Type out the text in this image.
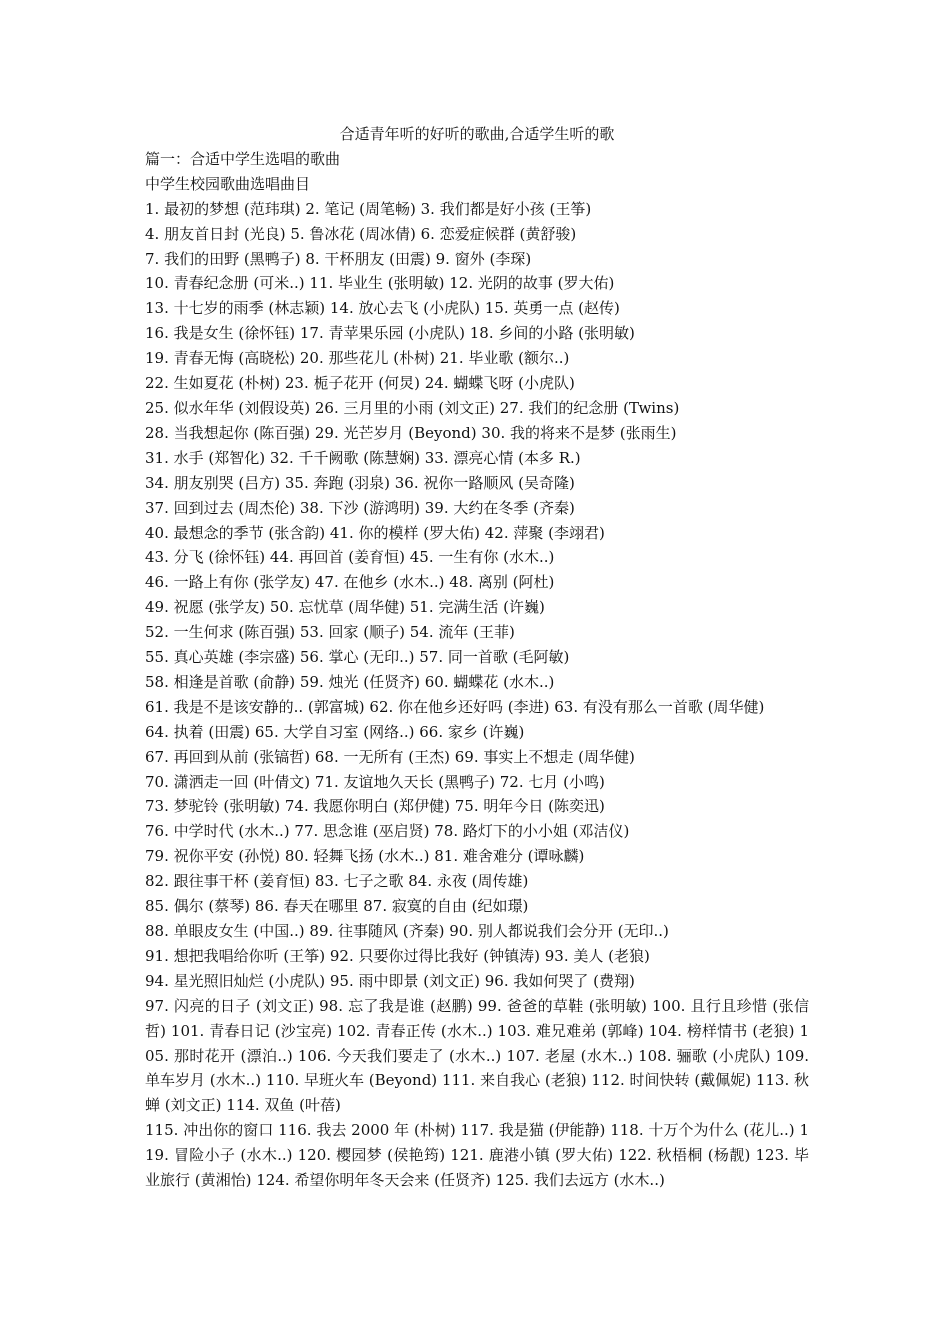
合适青年听的好听的歌曲,合适学生听的歌
篇一：合适中学生选唱的歌曲
中学生校园歌曲选唱曲目
1. 最初的梦想 (范玮琪) 2. 笔记 (周笔畅) 3. 我们都是好小孩 (王筝)
4. 朋友首日封 (光良) 5. 鲁冰花 (周冰倩) 6. 恋爱症候群 (黄舒骏)
7. 我们的田野 (黑鸭子) 8. 干杯朋友 (田震) 9. 窗外 (李琛)
10. 青春纪念册 (可米..) 11. 毕业生 (张明敏) 12. 光阴的故事 (罗大佑)
13. 十七岁的雨季 (林志颖) 14. 放心去飞 (小虎队) 15. 英勇一点 (赵传)
16. 我是女生 (徐怀钰) 17. 青苹果乐园 (小虎队) 18. 乡间的小路 (张明敏)
19. 青春无悔 (高晓松) 20. 那些花儿 (朴树) 21. 毕业歌 (额尔..)
22. 生如夏花 (朴树) 23. 栀子花开 (何炅) 24. 蝴蝶飞呀 (小虎队)
25. 似水年华 (刘假设英) 26. 三月里的小雨 (刘文正) 27. 我们的纪念册 (Twins)
28. 当我想起你 (陈百强) 29. 光芒岁月 (Beyond) 30. 我的将来不是梦 (张雨生)
31. 水手 (郑智化) 32. 千千阙歌 (陈慧娴) 33. 漂亮心情 (本多 R.)
34. 朋友别哭 (吕方) 35. 奔跑 (羽泉) 36. 祝你一路顺风 (吴奇隆)
37. 回到过去 (周杰伦) 38. 下沙 (游鸿明) 39. 大约在冬季 (齐秦)
40. 最想念的季节 (张含韵) 41. 你的模样 (罗大佑) 42. 萍聚 (李翊君)
43. 分飞 (徐怀钰) 44. 再回首 (姜育恒) 45. 一生有你 (水木..)
46. 一路上有你 (张学友) 47. 在他乡 (水木..) 48. 离别 (阿杜)
49. 祝愿 (张学友) 50. 忘忧草 (周华健) 51. 完满生活 (许巍)
52. 一生何求 (陈百强) 53. 回家 (顺子) 54. 流年 (王菲)
55. 真心英雄 (李宗盛) 56. 掌心 (无印..) 57. 同一首歌 (毛阿敏)
58. 相逢是首歌 (俞静) 59. 烛光 (任贤齐) 60. 蝴蝶花 (水木..)
61. 我是不是该安静的.. (郭富城) 62. 你在他乡还好吗 (李进) 63. 有没有那么一首歌 (周华健)
64. 执着 (田震) 65. 大学自习室 (网络..) 66. 家乡 (许巍)
67. 再回到从前 (张镐哲) 68. 一无所有 (王杰) 69. 事实上不想走 (周华健)
70. 潇洒走一回 (叶倩文) 71. 友谊地久天长 (黑鸭子) 72. 七月 (小鸣)
73. 梦驼铃 (张明敏) 74. 我愿你明白 (郑伊健) 75. 明年今日 (陈奕迅)
76. 中学时代 (水木..) 77. 思念谁 (巫启贤) 78. 路灯下的小小姐 (邓洁仪)
79. 祝你平安 (孙悦) 80. 轻舞飞扬 (水木..) 81. 难舍难分 (谭咏麟)
82. 跟往事干杯 (姜育恒) 83. 七子之歌 84. 永夜 (周传雄)
85. 偶尔 (蔡琴) 86. 春天在哪里 87. 寂寞的自由 (纪如璟)
88. 单眼皮女生 (中国..) 89. 往事随风 (齐秦) 90. 别人都说我们会分开 (无印..)
91. 想把我唱给你听 (王筝) 92. 只要你过得比我好 (钟镇涛) 93. 美人 (老狼)
94. 星光照旧灿烂 (小虎队) 95. 雨中即景 (刘文正) 96. 我如何哭了 (费翔)
97. 闪亮的日子 (刘文正) 98. 忘了我是谁 (赵鹏) 99. 爸爸的草鞋 (张明敏) 100. 且行且珍惜 (张信哲) 101. 青春日记 (沙宝亮) 102. 青春正传 (水木..) 103. 难兄难弟 (郭峰) 104. 榜样情书 (老狼) 105. 那时花开 (漂泊..) 106. 今天我们要走了 (水木..) 107. 老屋 (水木..) 108. 骊歌 (小虎队) 109. 单车岁月 (水木..) 110. 早班火车 (Beyond) 111. 来自我心 (老狼) 112. 时间快转 (戴佩妮) 113. 秋蝉 (刘文正) 114. 双鱼 (叶蓓)
115. 冲出你的窗口 116. 我去 2000 年 (朴树) 117. 我是猫 (伊能静) 118. 十万个为什么 (花儿..) 119. 冒险小子 (水木..) 120. 樱园梦 (侯艳筠) 121. 鹿港小镇 (罗大佑) 122. 秋梧桐 (杨靓) 123. 毕业旅行 (黄湘怡) 124. 希望你明年冬天会来 (任贤齐) 125. 我们去远方 (水木..)
